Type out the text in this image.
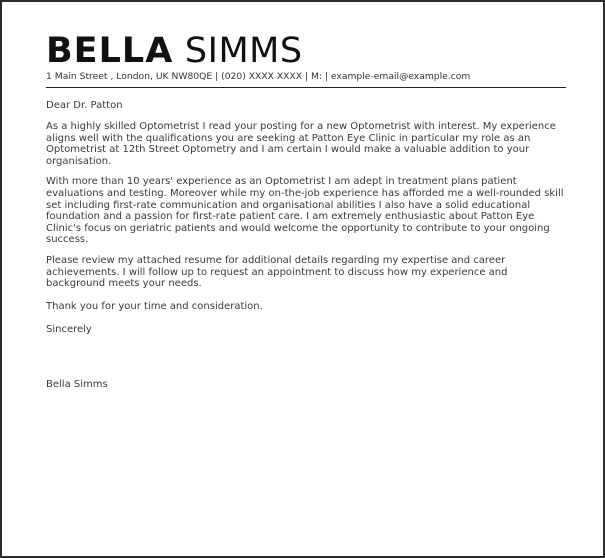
BELLA SIMMS
1 Main Street , London, UK NW80QE | (020) XXXX XXXX | M: | example-email@example.com
Dear Dr. Patton
As a highly skilled Optometrist I read your posting for a new Optometrist with interest. My experience aligns well with the qualifications you are seeking at Patton Eye Clinic in particular my role as an Optometrist at 12th Street Optometry and I am certain I would make a valuable addition to your organisation.
With more than 10 years' experience as an Optometrist I am adept in treatment plans patient evaluations and testing. Moreover while my on-the-job experience has afforded me a well-rounded skill set including first-rate communication and organisational abilities I also have a solid educational foundation and a passion for first-rate patient care. I am extremely enthusiastic about Patton Eye Clinic's focus on geriatric patients and would welcome the opportunity to contribute to your ongoing success.
Please review my attached resume for additional details regarding my expertise and career achievements. I will follow up to request an appointment to discuss how my experience and background meets your needs.
Thank you for your time and consideration.
Sincerely
Bella Simms
